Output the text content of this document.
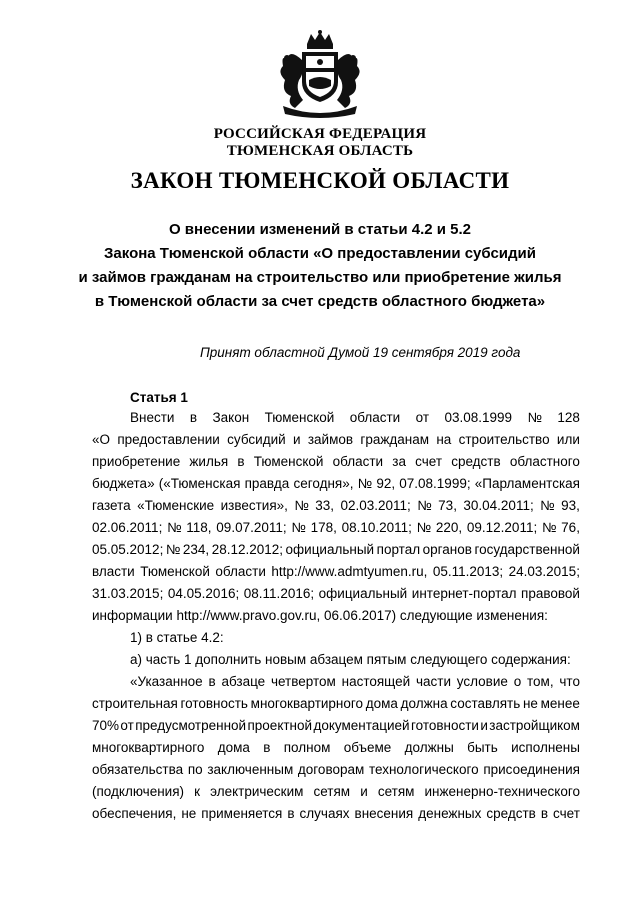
РОССИЙСКАЯ ФЕДЕРАЦИЯ
ТЮМЕНСКАЯ ОБЛАСТЬ
ЗАКОН ТЮМЕНСКОЙ ОБЛАСТИ
О внесении изменений в статьи 4.2 и 5.2
Закона Тюменской области «О предоставлении субсидий
и займов гражданам на строительство или приобретение жилья
в Тюменской области за счет средств областного бюджета»
Принят областной Думой 19 сентября 2019 года
Статья 1
Внести в Закон Тюменской области от 03.08.1999 № 128
«О предоставлении субсидий и займов гражданам на строительство или
приобретение жилья в Тюменской области за счет средств областного
бюджета» («Тюменская правда сегодня», № 92, 07.08.1999; «Парламентская
газета «Тюменские известия», № 33, 02.03.2011; № 73, 30.04.2011; № 93,
02.06.2011; № 118, 09.07.2011; № 178, 08.10.2011; № 220, 09.12.2011; № 76,
05.05.2012; № 234, 28.12.2012; официальный портал органов государственной
власти Тюменской области http://www.admtyumen.ru, 05.11.2013; 24.03.2015;
31.03.2015; 04.05.2016; 08.11.2016; официальный интернет-портал правовой
информации http://www.pravo.gov.ru, 06.06.2017) следующие изменения:
1) в статье 4.2:
а) часть 1 дополнить новым абзацем пятым следующего содержания:
«Указанное в абзаце четвертом настоящей части условие о том, что
строительная готовность многоквартирного дома должна составлять не менее
70% от предусмотренной проектной документацией готовности и застройщиком
многоквартирного дома в полном объеме должны быть исполнены
обязательства по заключенным договорам технологического присоединения
(подключения) к электрическим сетям и сетям инженерно-технического
обеспечения, не применяется в случаях внесения денежных средств в счет
